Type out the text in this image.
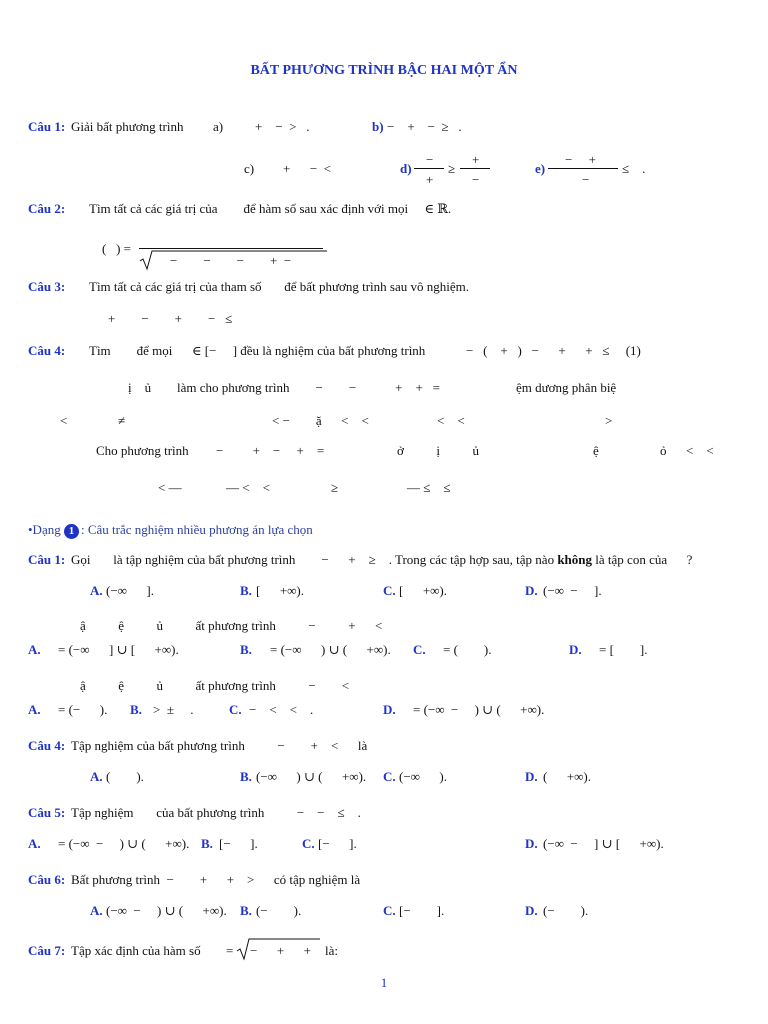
BẤT PHƯƠNG TRÌNH BẬC HAI MỘT ẨN
Câu 1: Giải bất phương trình a) +    −  >   .	b) −    +    −  ≥   .
c) +      −  <	d)
−
+
≥
+
−
e)
−     +
−
≤    .
Câu 2: Tìm tất cả các giá trị của        để hàm số sau xác định với mọi     ∈ ℝ.
(   ) =
−        −        −        +  −
Câu 3: Tìm tất cả các giá trị của tham số       để bất phương trình sau vô nghiệm.
+        −        +        −   ≤
Câu 4: Tìm        để mọi      ∈ [−     ] đều là nghiệm của bất phương trình	−   (    +   )   −      +      +   ≤     (1)
ị    ủ làm cho phương trình        −        −            +    +   =	ệm dương phân biệ
<	≠	< −        ặ      <    <	<    <	>
Cho phương trình −         +    −     +    =	ở          ị          ủ	ệ	ỏ      <    <
< —	— <    <	≥	— ≤    ≤
•Dạng 1 : Câu trắc nghiệm nhiều phương án lựa chọn
Câu 1: Gọi       là tập nghiệm của bất phương trình        −      +    ≥    . Trong các tập hợp sau, tập nào không là tập con của      ?
A. (−∞      ].	B. [      +∞).	C. [      +∞).	D. (−∞  −     ].
ậ          ệ          ủ          ất phương trình          −          +      <
A. = (−∞      ] ∪ [      +∞).	B. = (−∞      ) ∪ (      +∞). C. = (        ).	D. = [        ].
ậ          ệ          ủ          ất phương trình          −        <
A. = (−      ). B. >  ±     .	C. −    <    <    .	D. = (−∞  −     ) ∪ (      +∞).
Câu 4: Tập nghiệm của bất phương trình          −        +    <      là
A. (        ).	B. (−∞      ) ∪ (      +∞). C. (−∞      ).	D. (      +∞).
Câu 5: Tập nghiệm       của bất phương trình          −    −    ≤    .
A. = (−∞  −     ) ∪ (      +∞). B. [−      ].	C. [−      ].	D. (−∞  −     ] ∪ [      +∞).
Câu 6: Bất phương trình  −        +      +    >      có tập nghiệm là
A. (−∞  −     ) ∪ (      +∞). B. (−        ).	C. [−        ].	D. (−        ).
Câu 7: Tập xác định của hàm số = −      +      + là:
1
